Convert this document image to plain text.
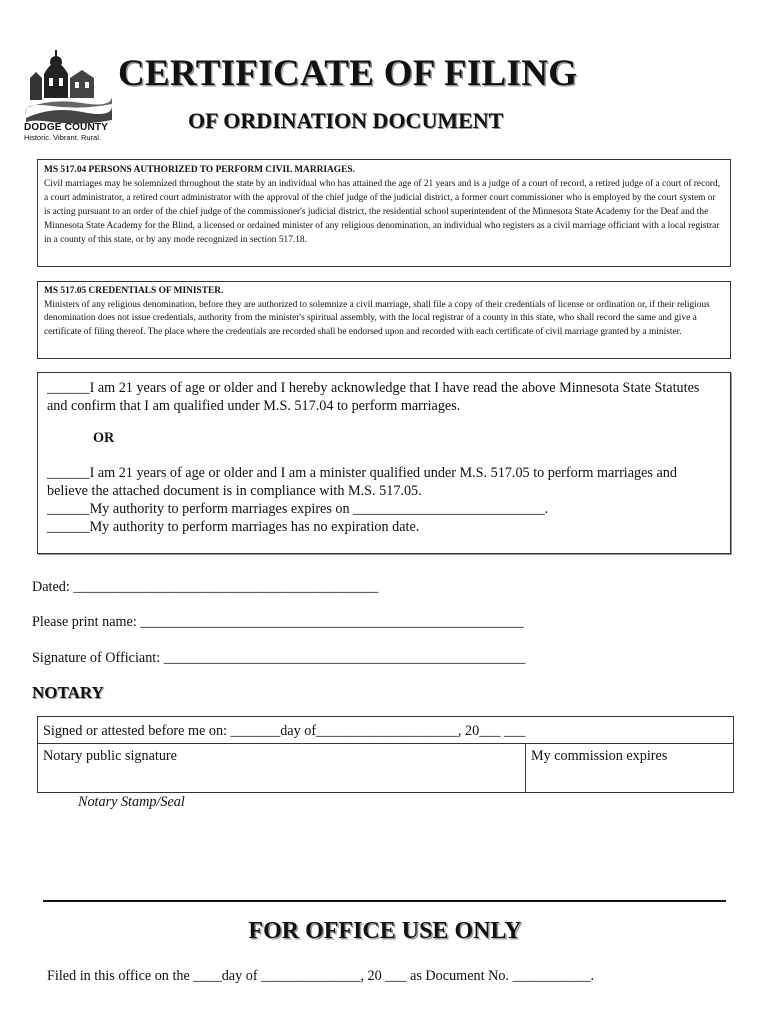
DODGE COUNTY
Historic. Vibrant. Rural.
CERTIFICATE OF FILING
OF ORDINATION DOCUMENT
MS 517.04 PERSONS AUTHORIZED TO PERFORM CIVIL MARRIAGES.
Civil marriages may be solemnized throughout the state by an individual who has attained the age of 21 years and is a judge of a court of record, a retired judge of a court of record, a court administrator, a retired court administrator with the approval of the chief judge of the judicial district, a former court commissioner who is employed by the court system or is acting pursuant to an order of the chief judge of the commissioner's judicial district, the residential school superintendent of the Minnesota State Academy for the Deaf and the Minnesota State Academy for the Blind, a licensed or ordained minister of any religious denomination, an individual who registers as a civil marriage officiant with a local registrar in a county of this state, or by any mode recognized in section 517.18.
MS 517.05 CREDENTIALS OF MINISTER.
Ministers of any religious denomination, before they are authorized to solemnize a civil marriage, shall file a copy of their credentials of license or ordination or, if their religious denomination does not issue credentials, authority from the minister's spiritual assembly, with the local registrar of a county in this state, who shall record the same and give a certificate of filing thereof. The place where the credentials are recorded shall be endorsed upon and recorded with each certificate of civil marriage granted by a minister.
______I am 21 years of age or older and I hereby acknowledge that I have read the above Minnesota State Statutes and confirm that I am qualified under M.S. 517.04 to perform marriages.
OR
______I am 21 years of age or older and I am a minister qualified under M.S. 517.05 to perform marriages and believe the attached document is in compliance with M.S. 517.05.
______My authority to perform marriages expires on ___________________________.
______My authority to perform marriages has no expiration date.
Dated: ___________________________________________
Please print name: ______________________________________________________
Signature of Officiant: ___________________________________________________
NOTARY
Signed or attested before me on: _______day of____________________, 20___ ___
Notary public signature	My commission expires
Notary Stamp/Seal
FOR OFFICE USE ONLY
Filed in this office on the ____day of ______________, 20 ___ as Document No. ___________.
